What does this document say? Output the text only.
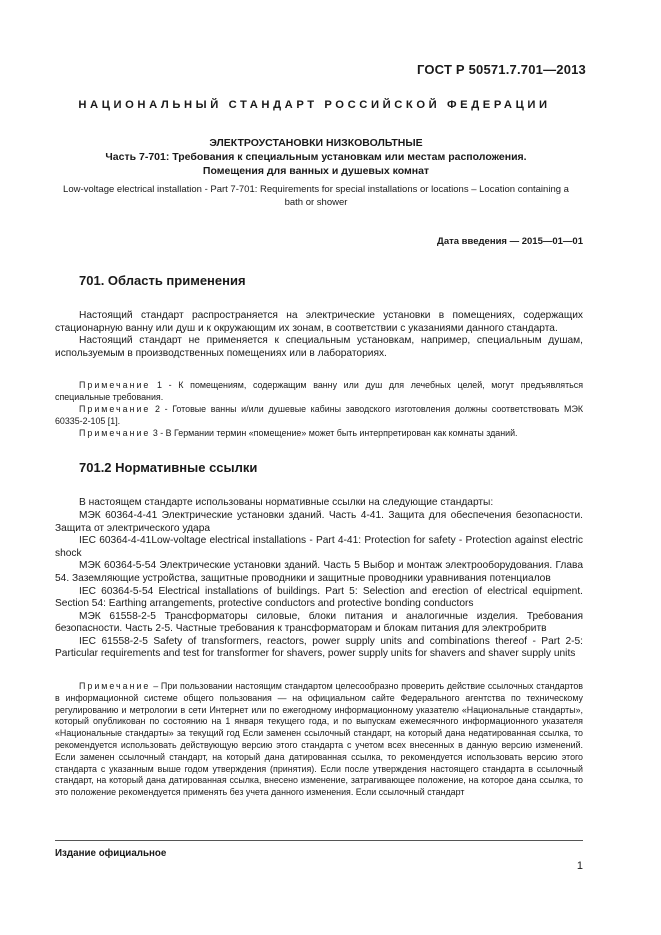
ГОСТ Р 50571.7.701—2013
НАЦИОНАЛЬНЫЙ СТАНДАРТ РОССИЙСКОЙ ФЕДЕРАЦИИ
ЭЛЕКТРОУСТАНОВКИ НИЗКОВОЛЬТНЫЕ
Часть 7-701: Требования к специальным установкам или местам расположения.
Помещения для ванных и душевых комнат
Low-voltage electrical installation - Part 7-701: Requirements for special installations or locations – Location containing a bath or shower
Дата введения — 2015—01—01
701. Область применения

Настоящий стандарт распространяется на электрические установки в помещениях, содержащих стационарную ванну или душ и к окружающим их зонам, в соответствии с указаниями данного стандарта.

Настоящий стандарт не применяется к специальным установкам, например, специальным душам, используемым в производственных помещениях или в лабораториях.

Примечание 1 - К помещениям, содержащим ванну или душ для лечебных целей, могут предъявляться специальные требования.

Примечание 2 - Готовые ванны и/или душевые кабины заводского изготовления должны соответствовать МЭК 60335-2-105 [1].

Примечание 3 - В Германии термин «помещение» может быть интерпретирован как комнаты зданий.

701.2 Нормативные ссылки

В настоящем стандарте использованы нормативные ссылки на следующие стандарты:

МЭК 60364-4-41 Электрические установки зданий. Часть 4-41. Защита для обеспечения безопасности. Защита от электрического удара

IEC 60364-4-41Low-voltage electrical installations - Part 4-41: Protection for safety - Protection against electric shock

МЭК 60364-5-54 Электрические установки зданий. Часть 5 Выбор и монтаж электрооборудования. Глава 54. Заземляющие устройства, защитные проводники и защитные проводники уравнивания потенциалов

IEC 60364-5-54 Electrical installations of buildings. Part 5: Selection and erection of electrical equipment. Section 54: Earthing arrangements, protective conductors and protective bonding conductors

МЭК 61558-2-5 Трансформаторы силовые, блоки питания и аналогичные изделия. Требования безопасности. Часть 2-5. Частные требования к трансформаторам и блокам питания для электробритв

IEC 61558-2-5 Safety of transformers, reactors, power supply units and combinations thereof - Part 2-5: Particular requirements and test for transformer for shavers, power supply units for shavers and shaver supply units

Примечание – При пользовании настоящим стандартом целесообразно проверить действие ссылочных стандартов в информационной системе общего пользования — на официальном сайте Федерального агентства по техническому регулированию и метрологии в сети Интернет или по ежегодному информационному указателю «Национальные стандарты», который опубликован по состоянию на 1 января текущего года, и по выпускам ежемесячного информационного указателя «Национальные стандарты» за текущий год Если заменен ссылочный стандарт, на который дана недатированная ссылка, то рекомендуется использовать действующую версию этого стандарта с учетом всех внесенных в данную версию изменений. Если заменен ссылочный стандарт, на который дана датированная ссылка, то рекомендуется использовать версию этого стандарта с указанным выше годом утверждения (принятия). Если после утверждения настоящего стандарта в ссылочный стандарт, на который дана датированная ссылка, внесено изменение, затрагивающее положение, на которое дана ссылка, то это положение рекомендуется применять без учета данного изменения. Если ссылочный стандарт

Издание официальное
1
